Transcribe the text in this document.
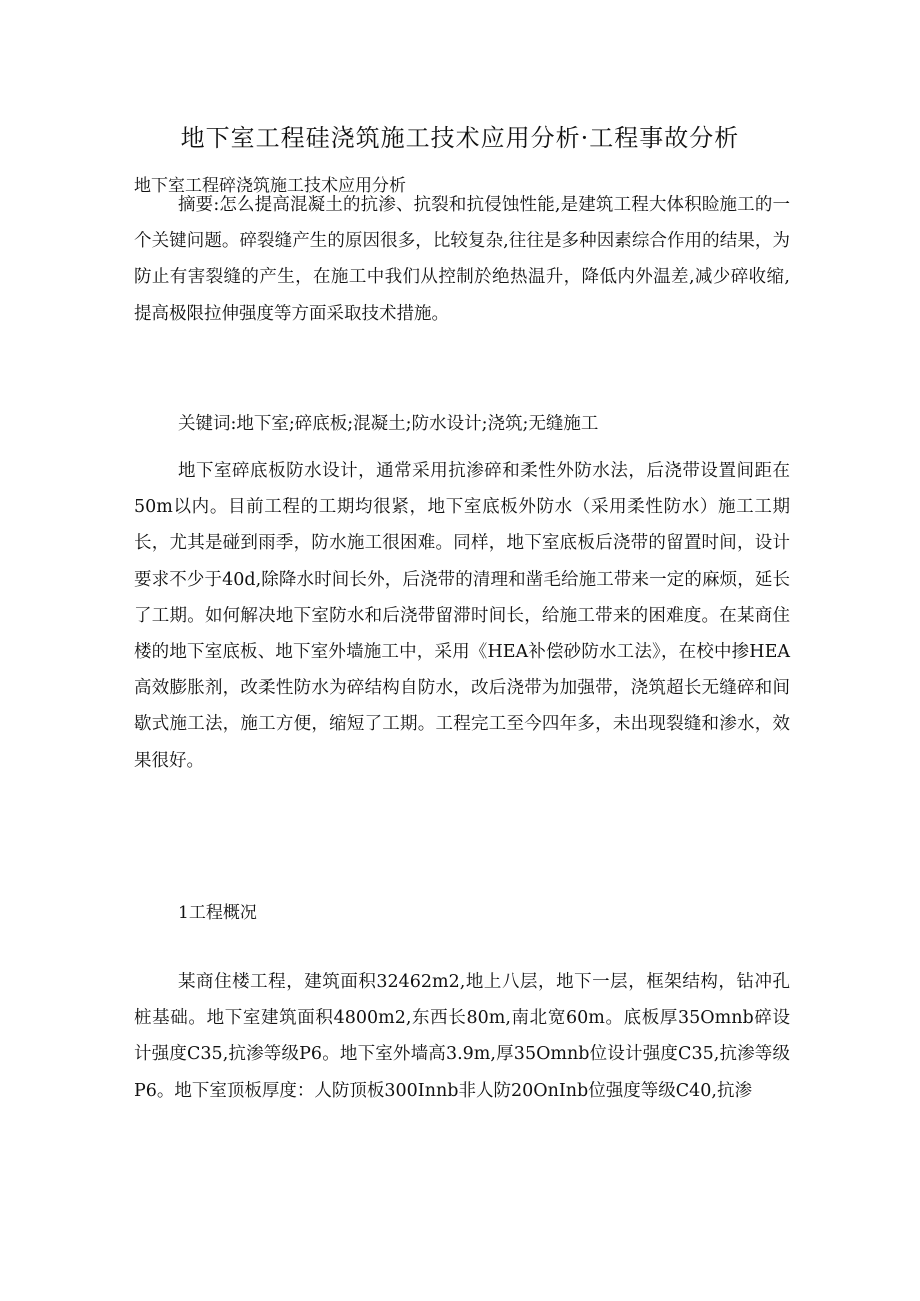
地下室工程硅浇筑施工技术应用分析·工程事故分析
地下室工程碎浇筑施工技术应用分析

摘要:怎么提高混凝土的抗渗、抗裂和抗侵蚀性能,是建筑工程大体积睑施工的一个关键问题。碎裂缝产生的原因很多，比较复杂,往往是多种因素综合作用的结果，为防止有害裂缝的产生，在施工中我们从控制於绝热温升，降低内外温差,减少碎收缩,提高极限拉伸强度等方面采取技术措施。

关键词:地下室;碎底板;混凝土;防水设计;浇筑;无缝施工

地下室碎底板防水设计，通常采用抗渗碎和柔性外防水法，后浇带设置间距在50m以内。目前工程的工期均很紧，地下室底板外防水（采用柔性防水）施工工期长，尤其是碰到雨季，防水施工很困难。同样，地下室底板后浇带的留置时间，设计要求不少于40d,除降水时间长外，后浇带的清理和凿毛给施工带来一定的麻烦，延长了工期。如何解决地下室防水和后浇带留滞时间长，给施工带来的困难度。在某商住楼的地下室底板、地下室外墙施工中，采用《HEA补偿砂防水工法》，在校中掺HEA高效膨胀剂，改柔性防水为碎结构自防水，改后浇带为加强带，浇筑超长无缝碎和间歇式施工法，施工方便，缩短了工期。工程完工至今四年多，未出现裂缝和渗水，效果很好。

1工程概况

某商住楼工程，建筑面积32462m2,地上八层，地下一层，框架结构，钻冲孔桩基础。地下室建筑面积4800m2,东西长80m,南北宽60m。底板厚35Omnb碎设计强度C35,抗渗等级P6。地下室外墙高3.9m,厚35Omnb位设计强度C35,抗渗等级P6。地下室顶板厚度：人防顶板300Innb非人防20OnInb位强度等级C40,抗渗
